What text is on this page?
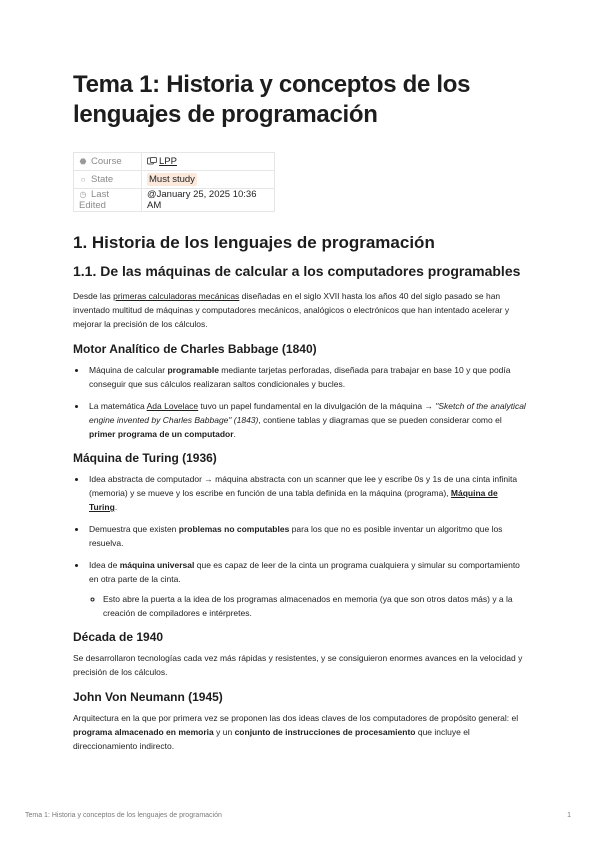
Tema 1: Historia y conceptos de los
lenguajes de programación
⬣ Course	LPP
○ State	Must study
◷ Last Edited	@January 25, 2025 10:36 AM
1. Historia de los lenguajes de programación
1.1. De las máquinas de calcular a los computadores programables

Desde las primeras calculadoras mecánicas diseñadas en el siglo XVII hasta los años 40 del siglo pasado se han inventado multitud de máquinas y computadores mecánicos, analógicos o electrónicos que han intentado acelerar y mejorar la precisión de los cálculos.

Motor Analítico de Charles Babbage (1840)
• Máquina de calcular programable mediante tarjetas perforadas, diseñada para trabajar en base 10 y que podía conseguir que sus cálculos realizaran saltos condicionales y bucles.
• La matemática Ada Lovelace tuvo un papel fundamental en la divulgación de la máquina → "Sketch of the analytical engine invented by Charles Babbage" (1843), contiene tablas y diagramas que se pueden considerar como el primer programa de un computador.
Máquina de Turing (1936)
• Idea abstracta de computador → máquina abstracta con un scanner que lee y escribe 0s y 1s de una cinta infinita (memoria) y se mueve y los escribe en función de una tabla definida en la máquina (programa), Máquina de Turing.
• Demuestra que existen problemas no computables para los que no es posible inventar un algoritmo que los resuelva.
• Idea de máquina universal que es capaz de leer de la cinta un programa cualquiera y simular su comportamiento en otra parte de la cinta.
◦ Esto abre la puerta a la idea de los programas almacenados en memoria (ya que son otros datos más) y a la creación de compiladores e intérpretes.
Década de 1940

Se desarrollaron tecnologías cada vez más rápidas y resistentes, y se consiguieron enormes avances en la velocidad y precisión de los cálculos.

John Von Neumann (1945)

Arquitectura en la que por primera vez se proponen las dos ideas claves de los computadores de propósito general: el programa almacenado en memoria y un conjunto de instrucciones de procesamiento que incluye el direccionamiento indirecto.

Tema 1: Historia y conceptos de los lenguajes de programación	1
